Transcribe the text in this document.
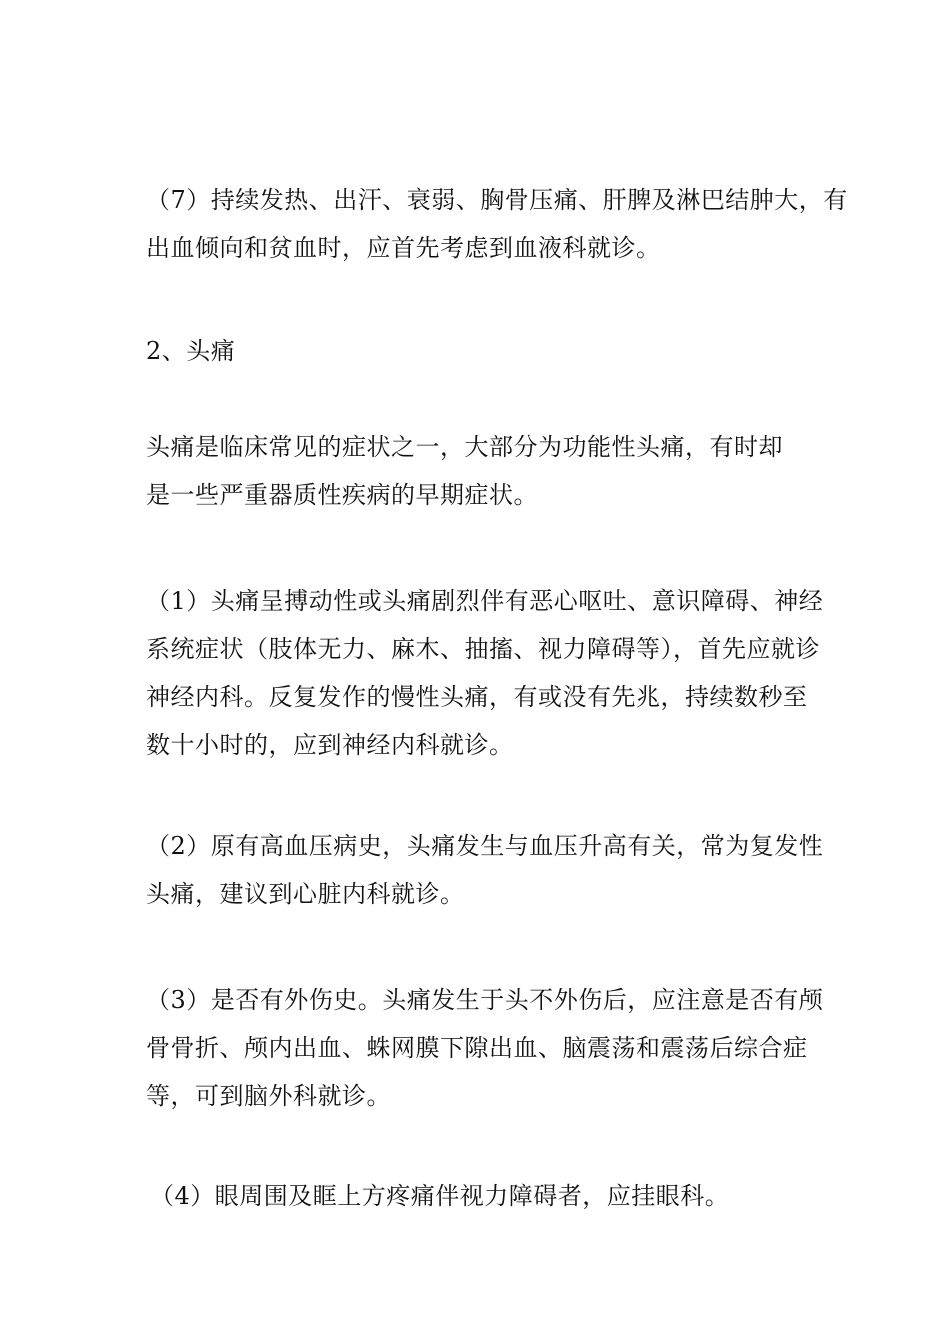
（7）持续发热、出汗、衰弱、胸骨压痛、肝脾及淋巴结肿大，有
出血倾向和贫血时，应首先考虑到血液科就诊。

2、头痛

头痛是临床常见的症状之一，大部分为功能性头痛，有时却
是一些严重器质性疾病的早期症状。

（1）头痛呈搏动性或头痛剧烈伴有恶心呕吐、意识障碍、神经
系统症状（肢体无力、麻木、抽搐、视力障碍等），首先应就诊
神经内科。反复发作的慢性头痛，有或没有先兆，持续数秒至
数十小时的，应到神经内科就诊。

（2）原有高血压病史，头痛发生与血压升高有关，常为复发性
头痛，建议到心脏内科就诊。

（3）是否有外伤史。头痛发生于头不外伤后，应注意是否有颅
骨骨折、颅内出血、蛛网膜下隙出血、脑震荡和震荡后综合症
等，可到脑外科就诊。

（4）眼周围及眶上方疼痛伴视力障碍者，应挂眼科。
